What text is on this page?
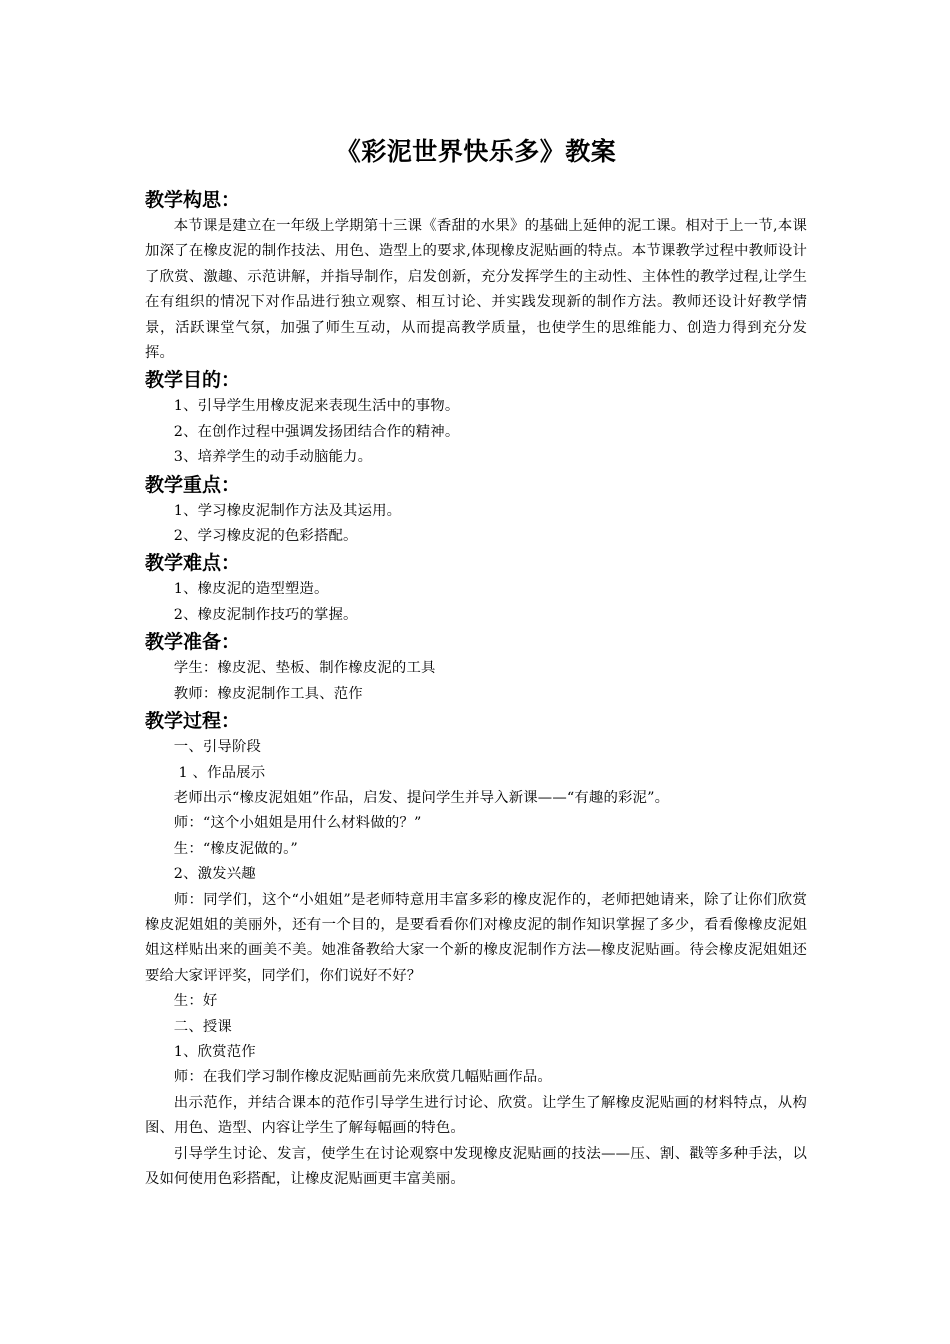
《彩泥世界快乐多》教案
教学构思：

本节课是建立在一年级上学期第十三课《香甜的水果》的基础上延伸的泥工课。相对于上一节,本课加深了在橡皮泥的制作技法、用色、造型上的要求,体现橡皮泥贴画的特点。本节课教学过程中教师设计了欣赏、激趣、示范讲解，并指导制作，启发创新，充分发挥学生的主动性、主体性的教学过程,让学生在有组织的情况下对作品进行独立观察、相互讨论、并实践发现新的制作方法。教师还设计好教学情景，活跃课堂气氛，加强了师生互动，从而提高教学质量，也使学生的思维能力、创造力得到充分发挥。

教学目的：
1、引导学生用橡皮泥来表现生活中的事物。
2、在创作过程中强调发扬团结合作的精神。
3、培养学生的动手动脑能力。
教学重点：
1、学习橡皮泥制作方法及其运用。
2、学习橡皮泥的色彩搭配。
教学难点：
1、橡皮泥的造型塑造。
2、橡皮泥制作技巧的掌握。
教学准备：
学生：橡皮泥、垫板、制作橡皮泥的工具
教师：橡皮泥制作工具、范作
教学过程：
一、引导阶段
1 、作品展示
老师出示“橡皮泥姐姐”作品，启发、提问学生并导入新课——“有趣的彩泥”。
师：“这个小姐姐是用什么材料做的？”
生：“橡皮泥做的。”
2、激发兴趣

师：同学们，这个“小姐姐”是老师特意用丰富多彩的橡皮泥作的，老师把她请来，除了让你们欣赏橡皮泥姐姐的美丽外，还有一个目的，是要看看你们对橡皮泥的制作知识掌握了多少，看看像橡皮泥姐姐这样贴出来的画美不美。她准备教给大家一个新的橡皮泥制作方法—橡皮泥贴画。待会橡皮泥姐姐还要给大家评评奖，同学们，你们说好不好？

生：好
二、授课
1、欣赏范作
师：在我们学习制作橡皮泥贴画前先来欣赏几幅贴画作品。

出示范作，并结合课本的范作引导学生进行讨论、欣赏。让学生了解橡皮泥贴画的材料特点，从构图、用色、造型、内容让学生了解每幅画的特色。

引导学生讨论、发言，使学生在讨论观察中发现橡皮泥贴画的技法——压、割、戳等多种手法，以及如何使用色彩搭配，让橡皮泥贴画更丰富美丽。
